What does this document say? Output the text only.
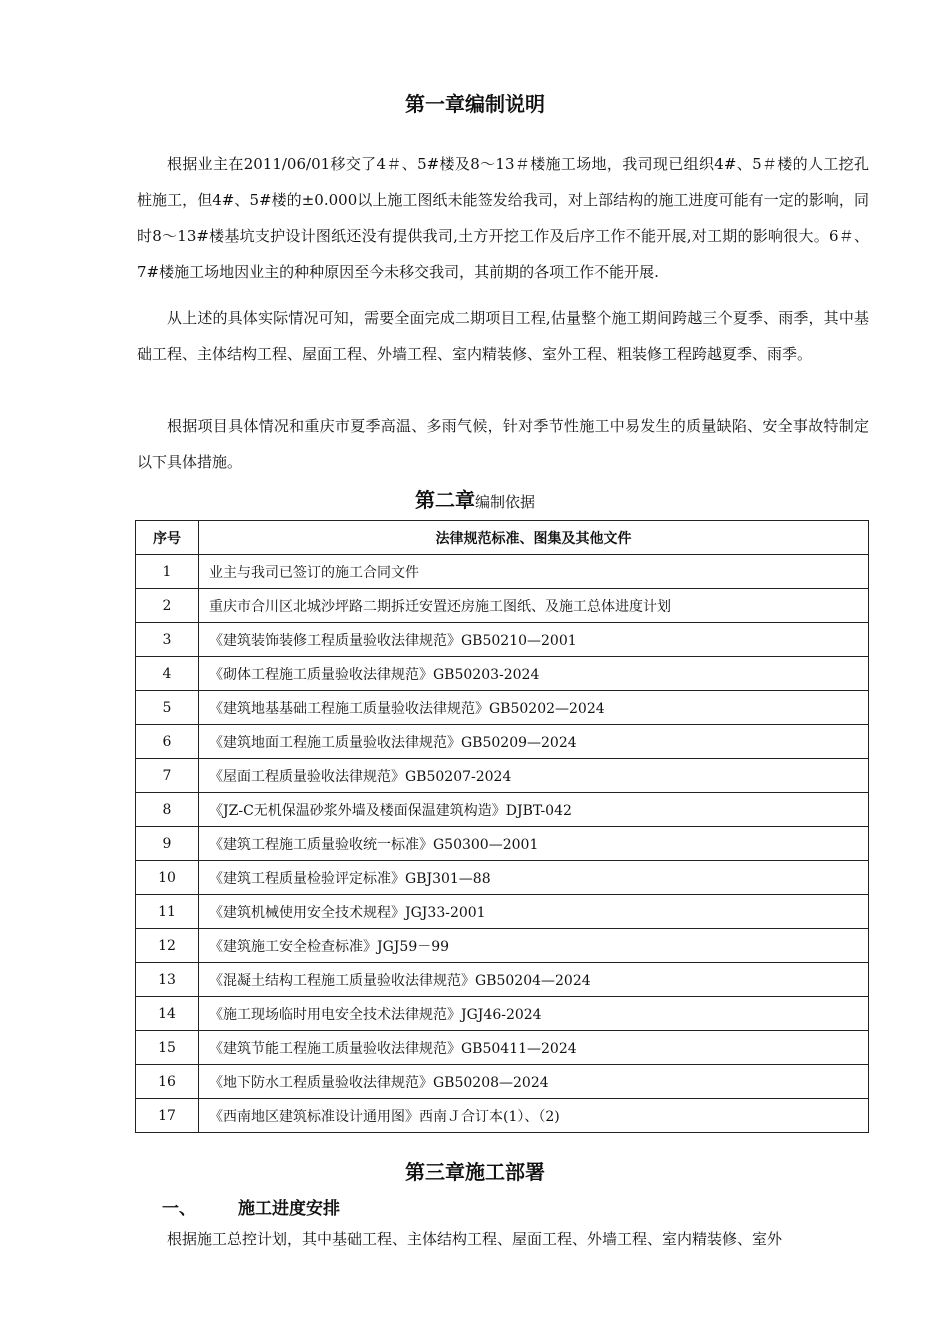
第一章编制说明

根据业主在2011/06/01移交了4＃、5#楼及8～13＃楼施工场地，我司现已组织4#、5＃楼的人工挖孔桩施工，但4#、5#楼的±0.000以上施工图纸未能签发给我司，对上部结构的施工进度可能有一定的影响，同时8～13#楼基坑支护设计图纸还没有提供我司,土方开挖工作及后序工作不能开展,对工期的影响很大。6＃、7#楼施工场地因业主的种种原因至今未移交我司，其前期的各项工作不能开展.

从上述的具体实际情况可知，需要全面完成二期项目工程,估量整个施工期间跨越三个夏季、雨季，其中基础工程、主体结构工程、屋面工程、外墙工程、室内精装修、室外工程、粗装修工程跨越夏季、雨季。

根据项目具体情况和重庆市夏季高温、多雨气候，针对季节性施工中易发生的质量缺陷、安全事故特制定以下具体措施。

第二章编制依据
序号	法律规范标准、图集及其他文件
1	业主与我司已签订的施工合同文件
2	重庆市合川区北城沙坪路二期拆迁安置还房施工图纸、及施工总体进度计划
3	《建筑装饰装修工程质量验收法律规范》GB50210—2001
4	《砌体工程施工质量验收法律规范》GB50203-2024
5	《建筑地基基础工程施工质量验收法律规范》GB50202—2024
6	《建筑地面工程施工质量验收法律规范》GB50209—2024
7	《屋面工程质量验收法律规范》GB50207-2024
8	《JZ-C无机保温砂浆外墙及楼面保温建筑构造》DJBT-042
9	《建筑工程施工质量验收统一标准》G50300—2001
10	《建筑工程质量检验评定标准》GBJ301—88
11	《建筑机械使用安全技术规程》JGJ33-2001
12	《建筑施工安全检查标准》JGJ59－99
13	《混凝土结构工程施工质量验收法律规范》GB50204—2024
14	《施工现场临时用电安全技术法律规范》JGJ46-2024
15	《建筑节能工程施工质量验收法律规范》GB50411—2024
16	《地下防水工程质量验收法律规范》GB50208—2024
17	《西南地区建筑标准设计通用图》西南Ｊ合订本(1）、（2)
第三章施工部署
一、 施工进度安排

根据施工总控计划，其中基础工程、主体结构工程、屋面工程、外墙工程、室内精装修、室外
